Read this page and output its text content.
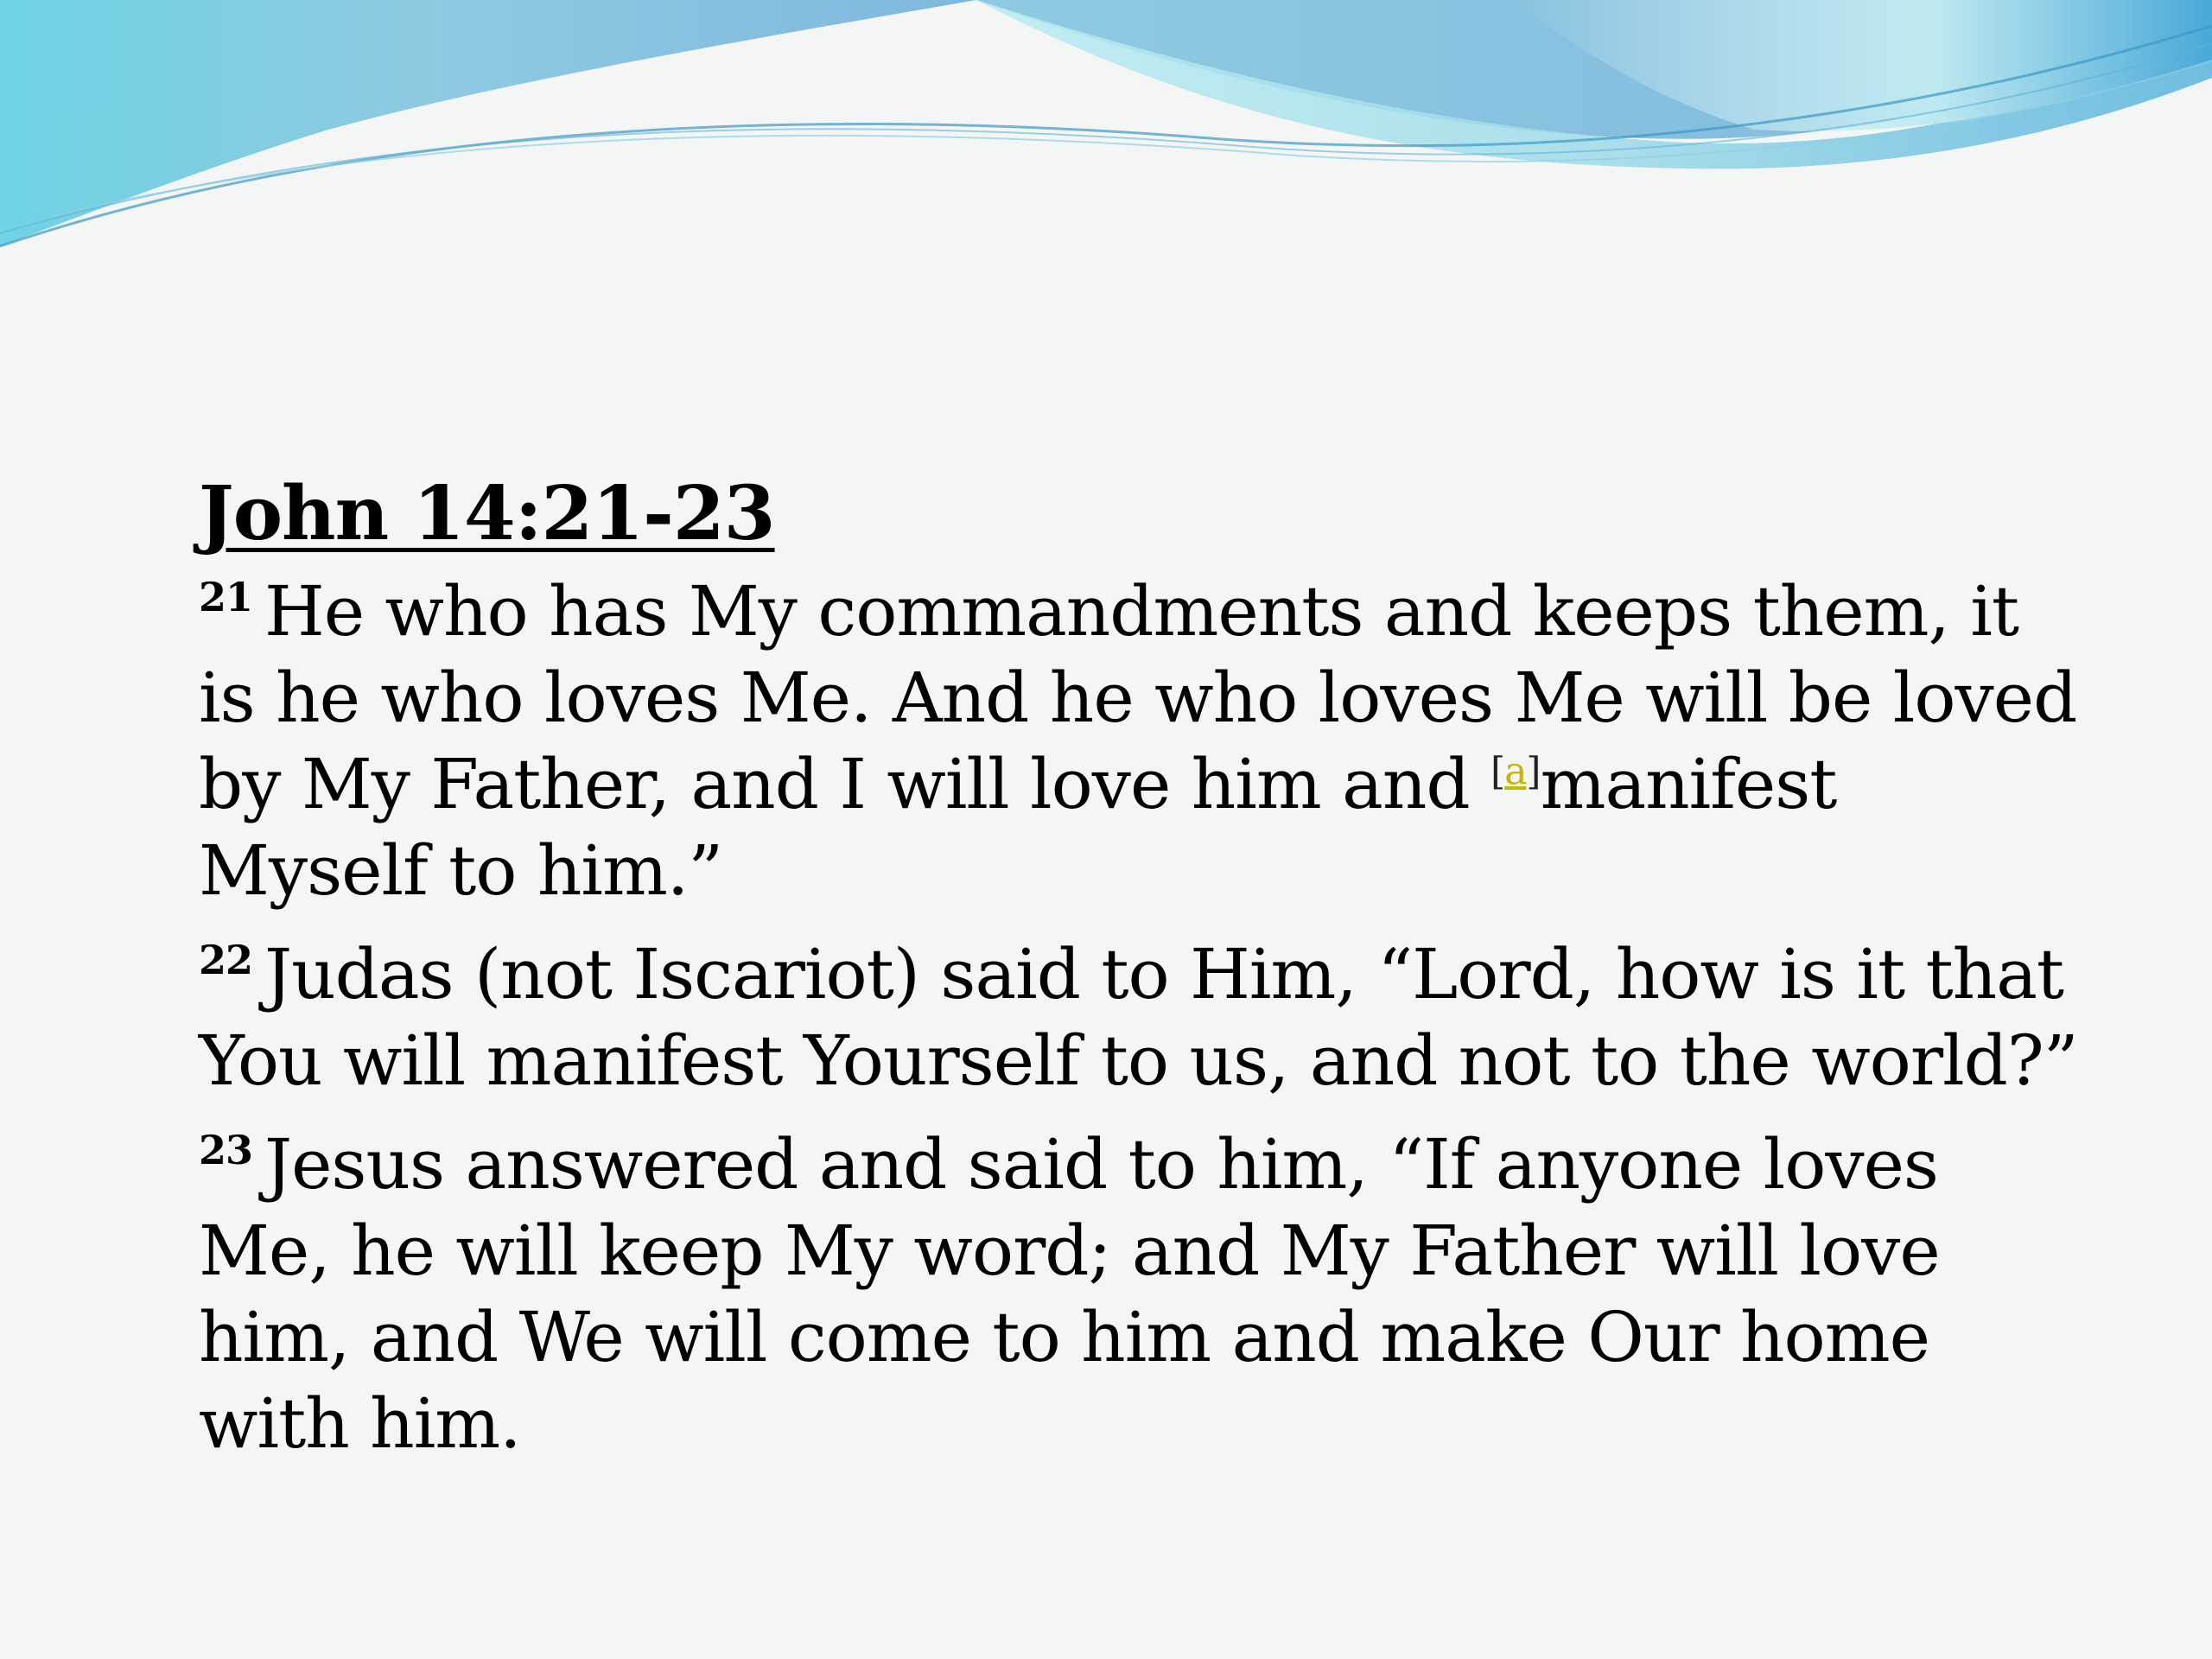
John 14:21-23

$^{21}$ He who has My commandments and keeps them, it is he who loves Me. And he who loves Me will be loved by My Father, and I will love him and [a]manifest Myself to him.”

$^{22}$ Judas (not Iscariot) said to Him, “Lord, how is it that You will manifest Yourself to us, and not to the world?”

$^{23}$ Jesus answered and said to him, “If anyone loves Me, he will keep My word; and My Father will love him, and We will come to him and make Our home with him.
